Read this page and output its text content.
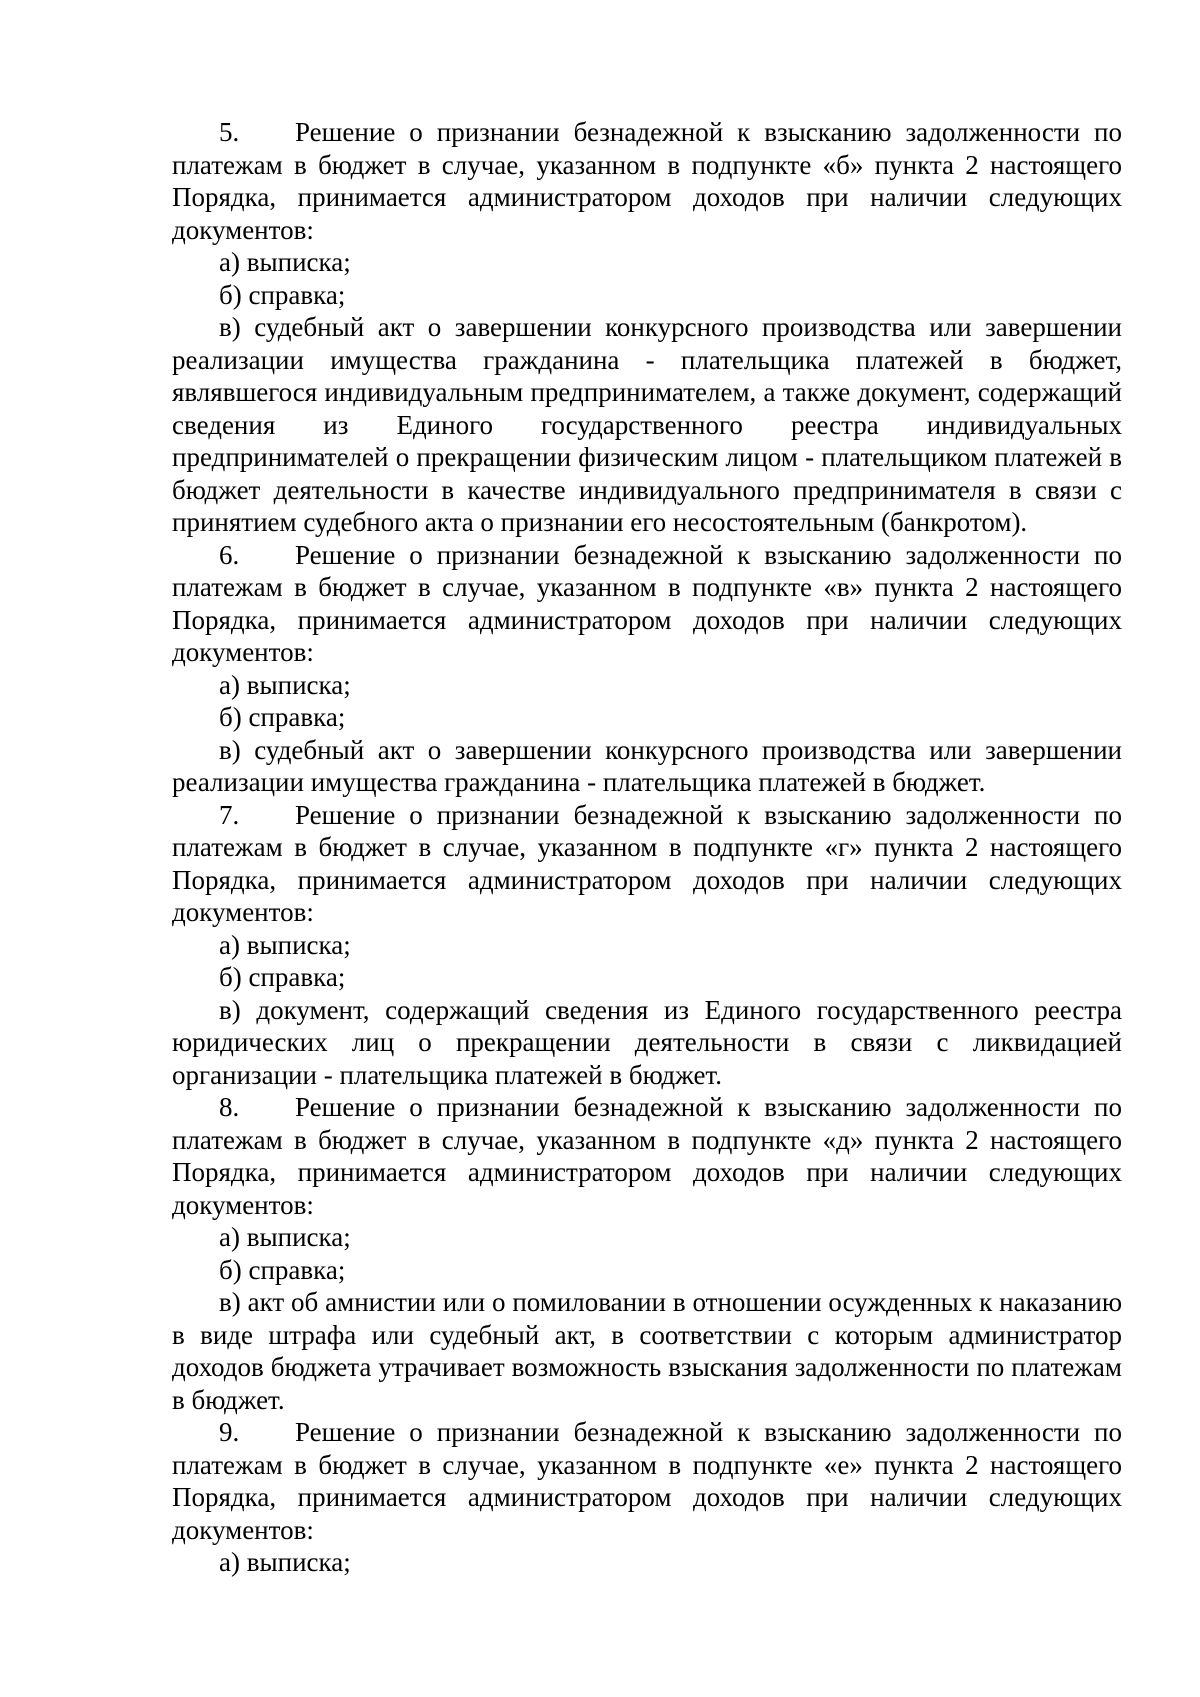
5. Решение о признании безнадежной к взысканию задолженности по платежам в бюджет в случае, указанном в подпункте «б» пункта 2 настоящего Порядка, принимается администратором доходов при наличии следующих документов:

а) выписка;

б) справка;

в) судебный акт о завершении конкурсного производства или завершении реализации имущества гражданина - плательщика платежей в бюджет, являвшегося индивидуальным предпринимателем, а также документ, содержащий сведения из Единого государственного реестра индивидуальных предпринимателей о прекращении физическим лицом - плательщиком платежей в бюджет деятельности в качестве индивидуального предпринимателя в связи с принятием судебного акта о признании его несостоятельным (банкротом).

6. Решение о признании безнадежной к взысканию задолженности по платежам в бюджет в случае, указанном в подпункте «в» пункта 2 настоящего Порядка, принимается администратором доходов при наличии следующих документов:

а) выписка;

б) справка;

в) судебный акт о завершении конкурсного производства или завершении реализации имущества гражданина - плательщика платежей в бюджет.

7. Решение о признании безнадежной к взысканию задолженности по платежам в бюджет в случае, указанном в подпункте «г» пункта 2 настоящего Порядка, принимается администратором доходов при наличии следующих документов:

а) выписка;

б) справка;

в) документ, содержащий сведения из Единого государственного реестра юридических лиц о прекращении деятельности в связи с ликвидацией организации - плательщика платежей в бюджет.

8. Решение о признании безнадежной к взысканию задолженности по платежам в бюджет в случае, указанном в подпункте «д» пункта 2 настоящего Порядка, принимается администратором доходов при наличии следующих документов:

а) выписка;

б) справка;

в) акт об амнистии или о помиловании в отношении осужденных к наказанию в виде штрафа или судебный акт, в соответствии с которым администратор доходов бюджета утрачивает возможность взыскания задолженности по платежам в бюджет.

9. Решение о признании безнадежной к взысканию задолженности по платежам в бюджет в случае, указанном в подпункте «е» пункта 2 настоящего Порядка, принимается администратором доходов при наличии следующих документов:

а) выписка;
